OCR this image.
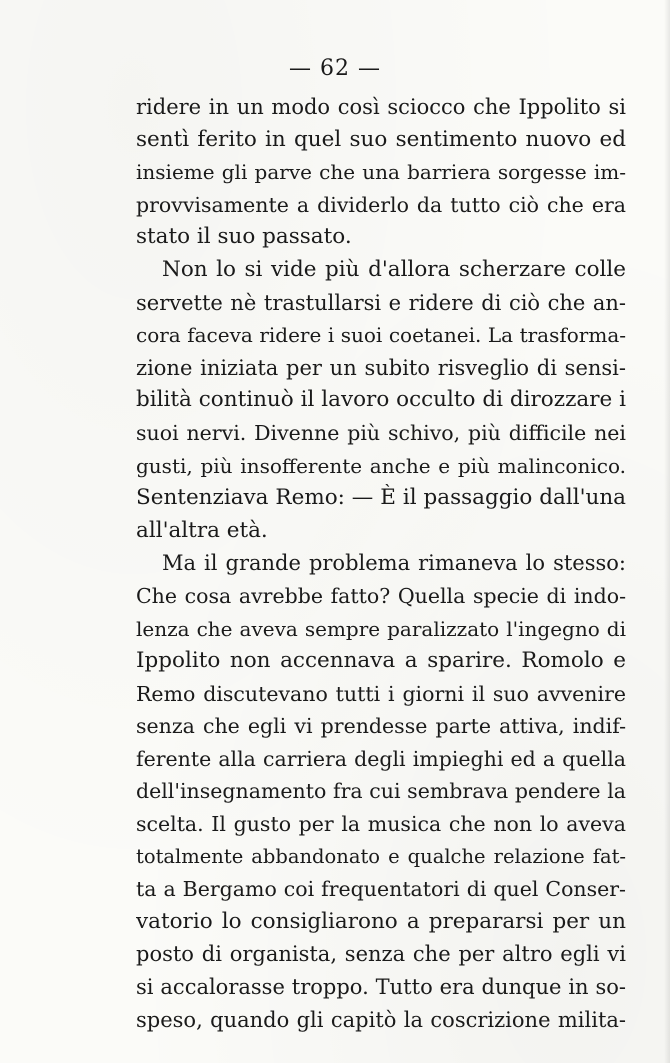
— 62 —
ridere in un modo così sciocco che Ippolito si
sentì ferito in quel suo sentimento nuovo ed
insieme gli parve che una barriera sorgesse im-
provvisamente a dividerlo da tutto ciò che era
stato il suo passato.
Non lo si vide più d'allora scherzare colle
servette nè trastullarsi e ridere di ciò che an-
cora faceva ridere i suoi coetanei. La trasforma-
zione iniziata per un subito risveglio di sensi-
bilità continuò il lavoro occulto di dirozzare i
suoi nervi. Divenne più schivo, più difficile nei
gusti, più insofferente anche e più malinconico.
Sentenziava Remo: — È il passaggio dall'una
all'altra età.
Ma il grande problema rimaneva lo stesso:
Che cosa avrebbe fatto? Quella specie di indo-
lenza che aveva sempre paralizzato l'ingegno di
Ippolito non accennava a sparire. Romolo e
Remo discutevano tutti i giorni il suo avvenire
senza che egli vi prendesse parte attiva, indif-
ferente alla carriera degli impieghi ed a quella
dell'insegnamento fra cui sembrava pendere la
scelta. Il gusto per la musica che non lo aveva
totalmente abbandonato e qualche relazione fat-
ta a Bergamo coi frequentatori di quel Conser-
vatorio lo consigliarono a prepararsi per un
posto di organista, senza che per altro egli vi
si accalorasse troppo. Tutto era dunque in so-
speso, quando gli capitò la coscrizione milita-
